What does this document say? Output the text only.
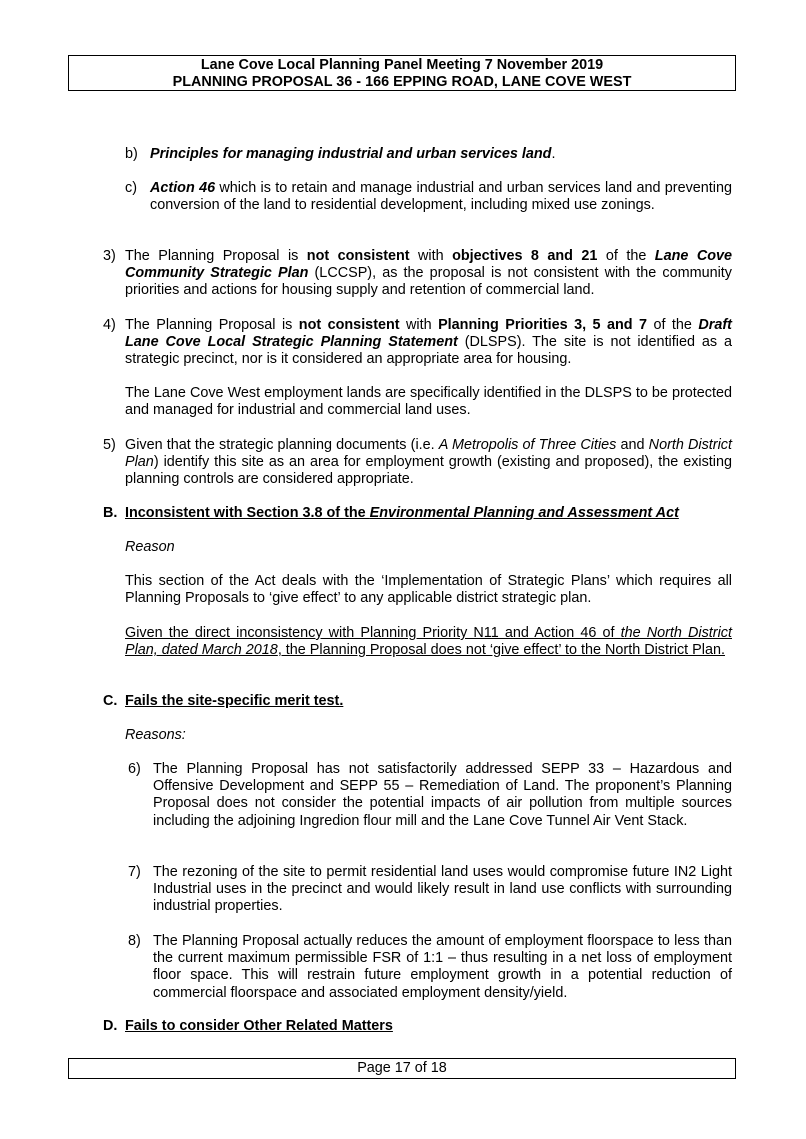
Lane Cove Local Planning Panel Meeting 7 November 2019
PLANNING PROPOSAL 36 - 166 EPPING ROAD, LANE COVE WEST
b) Principles for managing industrial and urban services land.
c) Action 46 which is to retain and manage industrial and urban services land and preventing conversion of the land to residential development, including mixed use zonings.
3) The Planning Proposal is not consistent with objectives 8 and 21 of the Lane Cove Community Strategic Plan (LCCSP), as the proposal is not consistent with the community priorities and actions for housing supply and retention of commercial land.
4) The Planning Proposal is not consistent with Planning Priorities 3, 5 and 7 of the Draft Lane Cove Local Strategic Planning Statement (DLSPS). The site is not identified as a strategic precinct, nor is it considered an appropriate area for housing.
The Lane Cove West employment lands are specifically identified in the DLSPS to be protected and managed for industrial and commercial land uses.
5) Given that the strategic planning documents (i.e. A Metropolis of Three Cities and North District Plan) identify this site as an area for employment growth (existing and proposed), the existing planning controls are considered appropriate.
B. Inconsistent with Section 3.8 of the Environmental Planning and Assessment Act
Reason
This section of the Act deals with the ‘Implementation of Strategic Plans’ which requires all Planning Proposals to ‘give effect’ to any applicable district strategic plan.
Given the direct inconsistency with Planning Priority N11 and Action 46 of the North District Plan, dated March 2018, the Planning Proposal does not ‘give effect’ to the North District Plan.
C. Fails the site-specific merit test.
Reasons:
6) The Planning Proposal has not satisfactorily addressed SEPP 33 – Hazardous and Offensive Development and SEPP 55 – Remediation of Land. The proponent’s Planning Proposal does not consider the potential impacts of air pollution from multiple sources including the adjoining Ingredion flour mill and the Lane Cove Tunnel Air Vent Stack.
7) The rezoning of the site to permit residential land uses would compromise future IN2 Light Industrial uses in the precinct and would likely result in land use conflicts with surrounding industrial properties.
8) The Planning Proposal actually reduces the amount of employment floorspace to less than the current maximum permissible FSR of 1:1 – thus resulting in a net loss of employment floor space. This will restrain future employment growth in a potential reduction of commercial floorspace and associated employment density/yield.
D. Fails to consider Other Related Matters
Page 17 of 18
